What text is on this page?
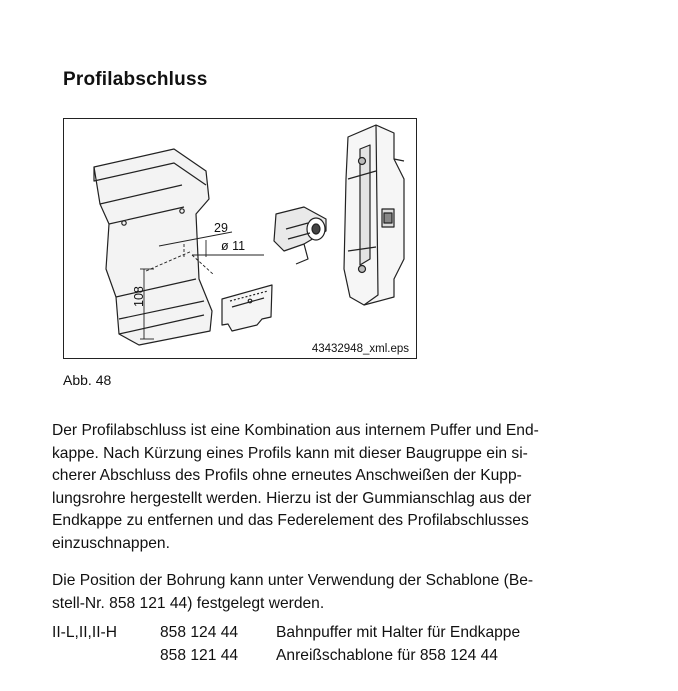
Profilabschluss
29
ø 11
108
43432948_xml.eps
Abb. 48
Der Profilabschluss ist eine Kombination aus internem Puffer und End-
kappe. Nach Kürzung eines Profils kann mit dieser Baugruppe ein si-
cherer Abschluss des Profils ohne erneutes Anschweißen der Kupp-
lungsrohre hergestellt werden. Hierzu ist der Gummianschlag aus der
Endkappe zu entfernen und das Federelement des Profilabschlusses
einzuschnappen.
Die Position der Bohrung kann unter Verwendung der Schablone (Be-
stell-Nr. 858 121 44) festgelegt werden.
II-L,II,II-H	858 124 44	Bahnpuffer mit Halter für Endkappe
	858 121 44	Anreißschablone für 858 124 44
